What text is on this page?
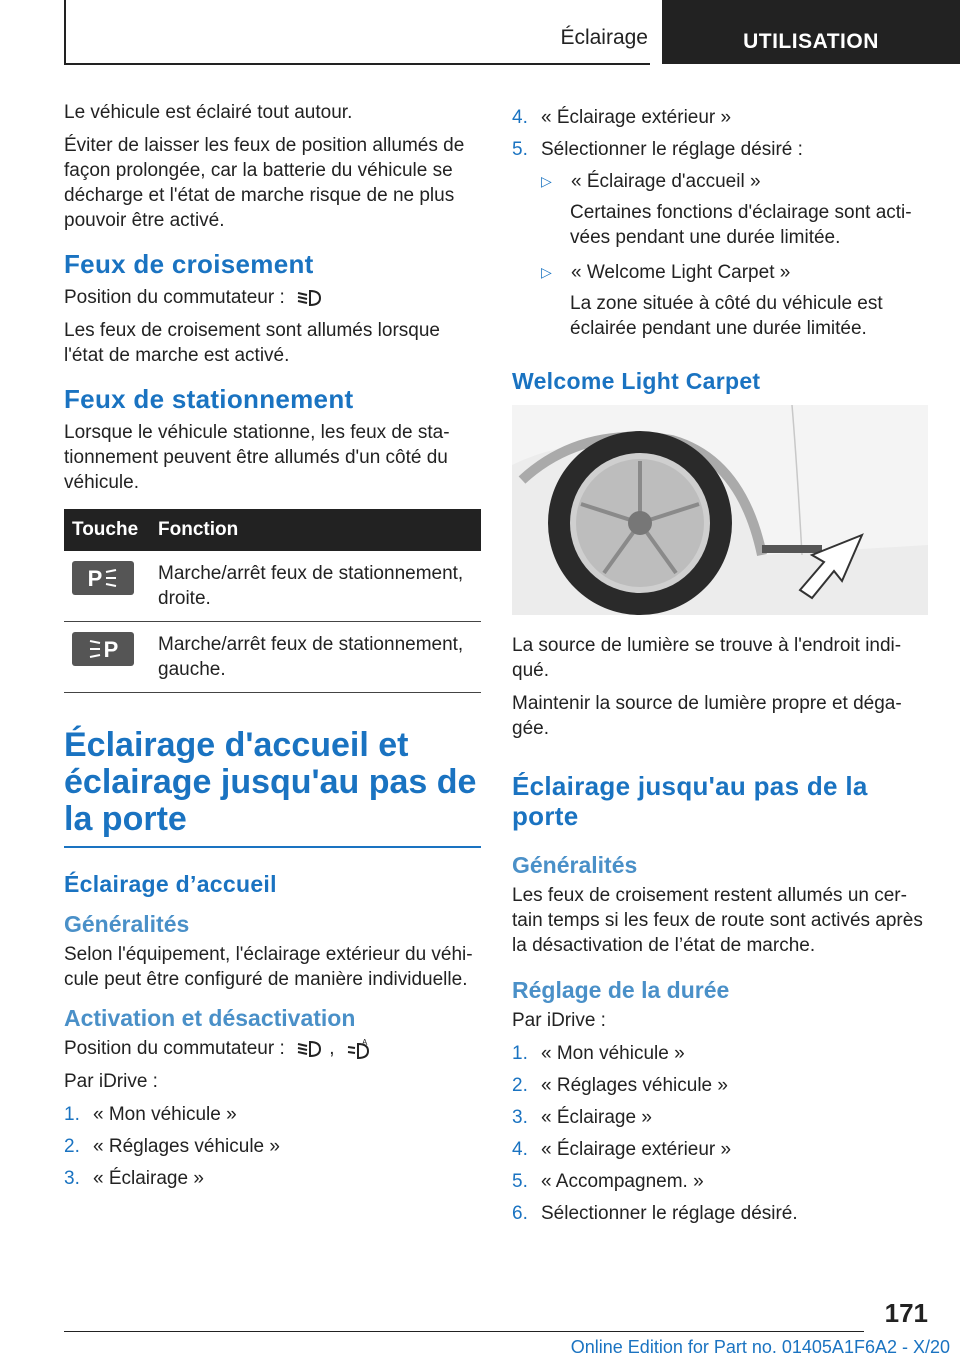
Éclairage	UTILISATION

Le véhicule est éclairé tout autour.

Éviter de laisser les feux de position allumés de façon prolongée, car la batterie du véhicule se décharge et l'état de marche risque de ne plus pouvoir être activé.

Feux de croisement

Position du commutateur :

Les feux de croisement sont allumés lorsque l'état de marche est activé.

Feux de stationnement

Lorsque le véhicule stationne, les feux de stationnement peuvent être allumés d'un côté du véhicule.

Touche	Fonction

P	Marche/arrêt feux de stationnement, droite.

P	Marche/arrêt feux de stationnement, gauche.
Éclairage d'accueil et éclairage jusqu'au pas de la porte
Éclairage d’accueil
Généralités

Selon l'équipement, l'éclairage extérieur du véhicule peut être configuré de manière individuelle.

Activation et désactivation

Position du commutateur : ,	A

Par iDrive :

1. « Mon véhicule »
2. « Réglages véhicule »
3. « Éclairage »
4. « Éclairage extérieur »
5. Sélectionner le réglage désiré :
▷	« Éclairage d'accueil »
Certaines fonctions d'éclairage sont activées pendant une durée limitée.
▷	« Welcome Light Carpet »
La zone située à côté du véhicule est éclairée pendant une durée limitée.
Welcome Light Carpet

La source de lumière se trouve à l'endroit indiqué.

Maintenir la source de lumière propre et dégagée.

Éclairage jusqu'au pas de la porte
Généralités

Les feux de croisement restent allumés un certain temps si les feux de route sont activés après la désactivation de l’état de marche.

Réglage de la durée

Par iDrive :

1. « Mon véhicule »
2. « Réglages véhicule »
3. « Éclairage »
4. « Éclairage extérieur »
5. « Accompagnem. »
6. Sélectionner le réglage désiré.
171
Online Edition for Part no. 01405A1F6A2 - X/20
